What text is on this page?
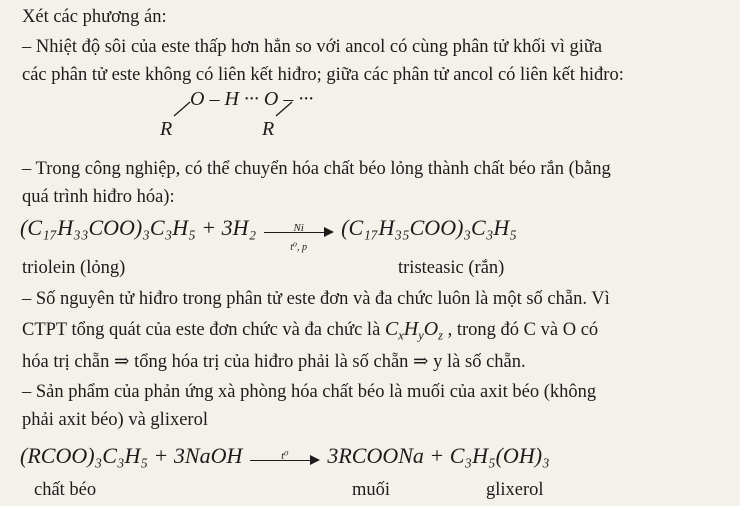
Xét các phương án:
– Nhiệt độ sôi của este thấp hơn hẳn so với ancol có cùng phân tử khối vì giữa
các phân tử este không có liên kết hiđro; giữa các phân tử ancol có liên kết hiđro:
O – H ··· O – ···
R	R
– Trong công nghiệp, có thể chuyển hóa chất béo lỏng thành chất béo rắn (bằng
quá trình hiđro hóa):
(C₁₇H₃₃COO)₃C₃H₅ + 3H₂	Ni
t⁰, p
(C₁₇H₃₅COO)₃C₃H₅
triolein (lỏng)	tristeasic (rắn)
– Số nguyên tử hiđro trong phân tử este đơn và đa chức luôn là một số chẵn. Vì
CTPT tổng quát của este đơn chức và đa chức là $C_xH_yO_z$ , trong đó C và O có
hóa trị chẵn ⇒ tổng hóa trị của hiđro phải là số chẵn ⇒ y là số chẵn.
– Sản phẩm của phản ứng xà phòng hóa chất béo là muối của axit béo (không
phải axit béo) và glixerol
(RCOO)₃C₃H₅ + 3NaOH	t⁰	3RCOONa + C₃H₅(OH)₃
chất béo	muối	glixerol
